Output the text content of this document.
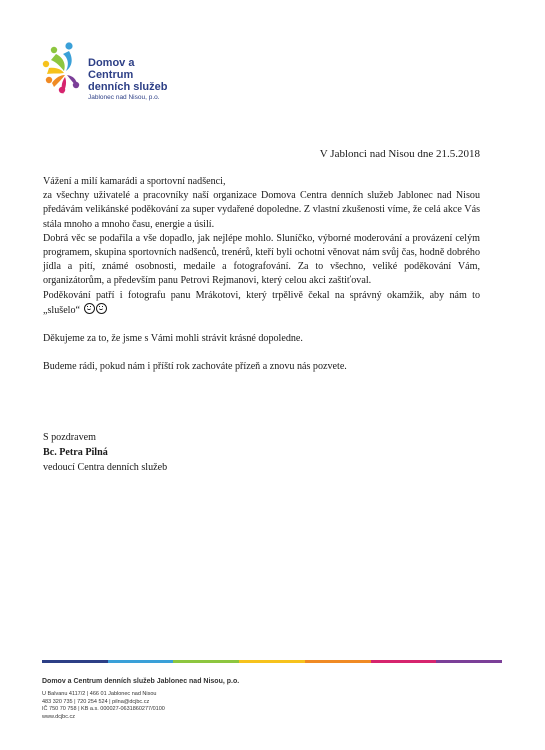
Domov a Centrum
denních služeb
Jablonec nad Nisou, p.o.
V Jablonci nad Nisou dne 21.5.2018

Vážení a milí kamarádi a sportovní nadšenci,

za všechny uživatelé a pracovníky naší organizace Domova Centra denních služeb Jablonec nad Nisou předávám velikánské poděkování za super vydařené dopoledne. Z vlastní zkušenosti víme, že celá akce Vás stála mnoho a mnoho času, energie a úsilí.

Dobrá věc se podařila a vše dopadlo, jak nejlépe mohlo. Sluníčko, výborné moderování a provázení celým programem, skupina sportovních nadšenců, trenérů, kteří byli ochotni věnovat nám svůj čas, hodně dobrého jídla a pití, známé osobnosti, medaile a fotografování. Za to všechno, veliké poděkování Vám, organizátorům, a především panu Petrovi Rejmanovi, který celou akci zaštiťoval.

Poděkování patří i fotografu panu Mrákotovi, který trpělivě čekal na správný okamžik, aby nám to „slušelo“

Děkujeme za to, že jsme s Vámi mohli strávit krásné dopoledne.

Budeme rádi, pokud nám i příští rok zachováte přízeň a znovu nás pozvete.

S pozdravem
Bc. Petra Pilná
vedoucí Centra denních služeb
Domov a Centrum denních služeb Jablonec nad Nisou, p.o.
U Balvanu 4117/2 | 466 01 Jablonec nad Nisou
483 320 735 | 720 254 524 | pilna@dcjbc.cz
IČ 750 70 758 | KB a.s. 000027-0631860277/0100
www.dcjbc.cz
